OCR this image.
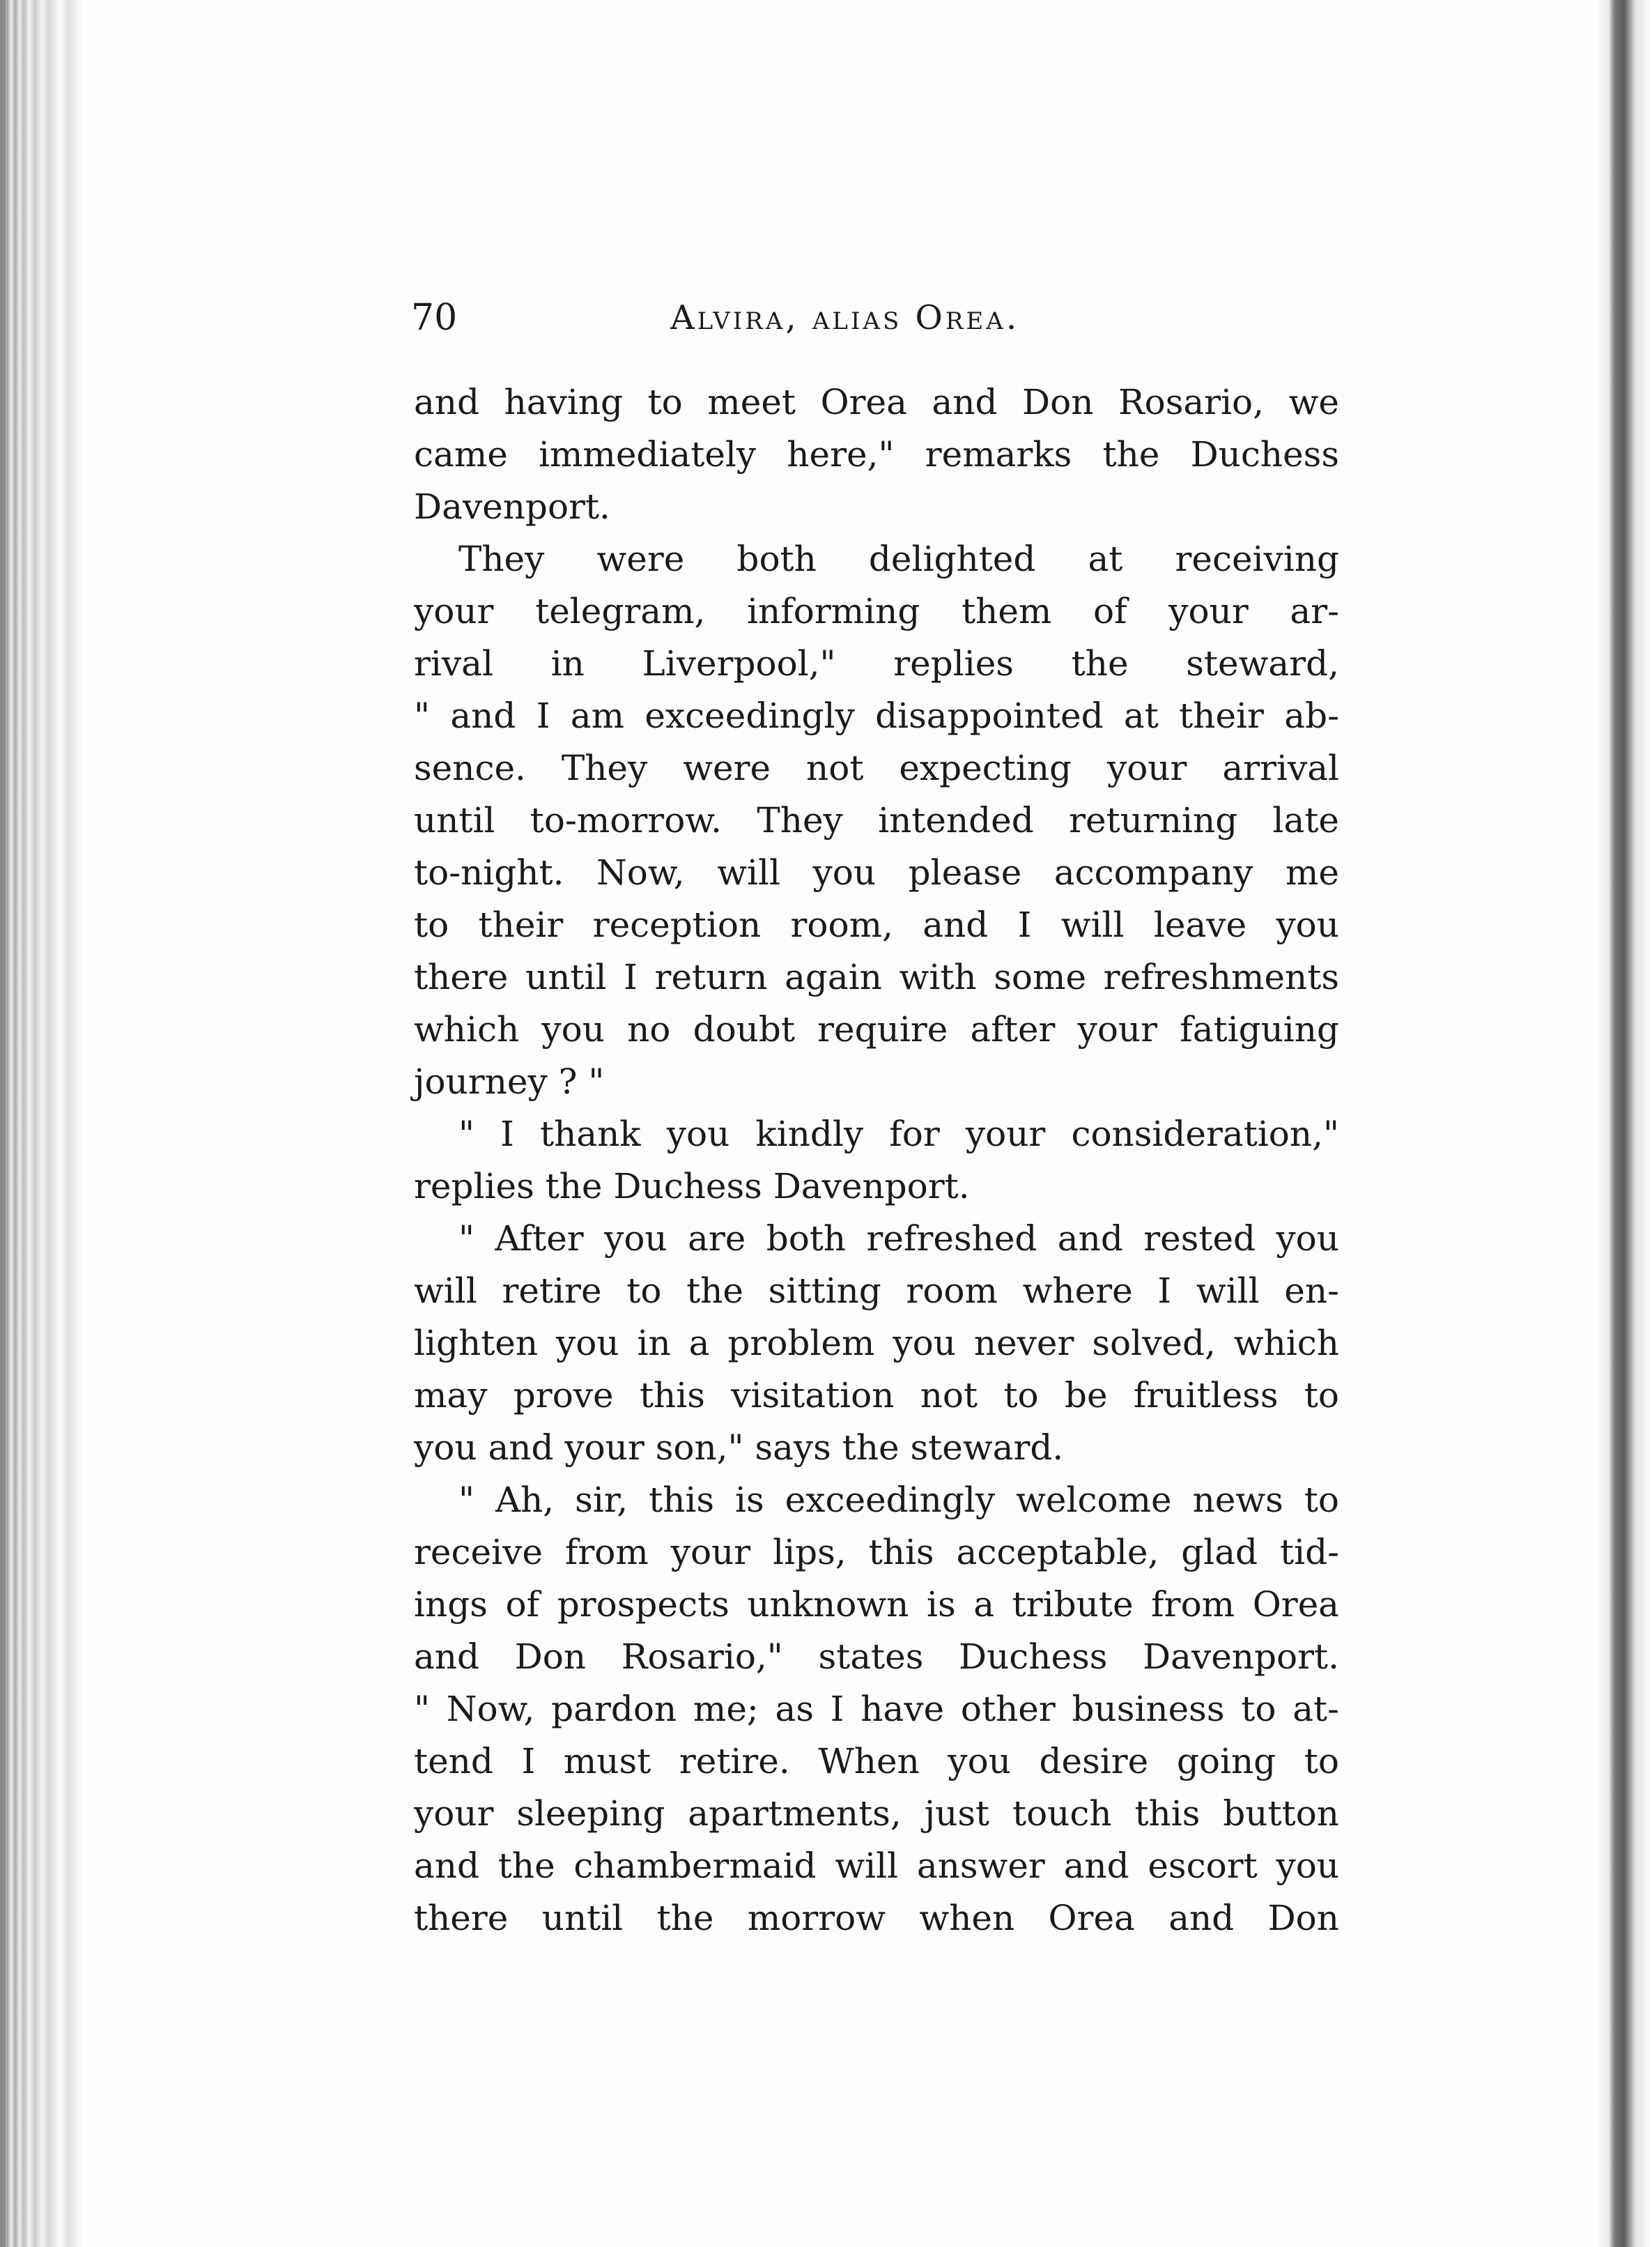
70	Alvira, alias Orea.
and having to meet Orea and Don Rosario, we
came immediately here," remarks the Duchess
Davenport.
They were both delighted at receiving
your telegram, informing them of your ar-
rival in Liverpool," replies the steward,
" and I am exceedingly disappointed at their ab-
sence. They were not expecting your arrival
until to-morrow. They intended returning late
to-night. Now, will you please accompany me
to their reception room, and I will leave you
there until I return again with some refreshments
which you no doubt require after your fatiguing
journey ? "
" I thank you kindly for your consideration,"
replies the Duchess Davenport.
" After you are both refreshed and rested you
will retire to the sitting room where I will en-
lighten you in a problem you never solved, which
may prove this visitation not to be fruitless to
you and your son," says the steward.
" Ah, sir, this is exceedingly welcome news to
receive from your lips, this acceptable, glad tid-
ings of prospects unknown is a tribute from Orea
and Don Rosario," states Duchess Davenport.
" Now, pardon me; as I have other business to at-
tend I must retire. When you desire going to
your sleeping apartments, just touch this button
and the chambermaid will answer and escort you
there until the morrow when Orea and Don
